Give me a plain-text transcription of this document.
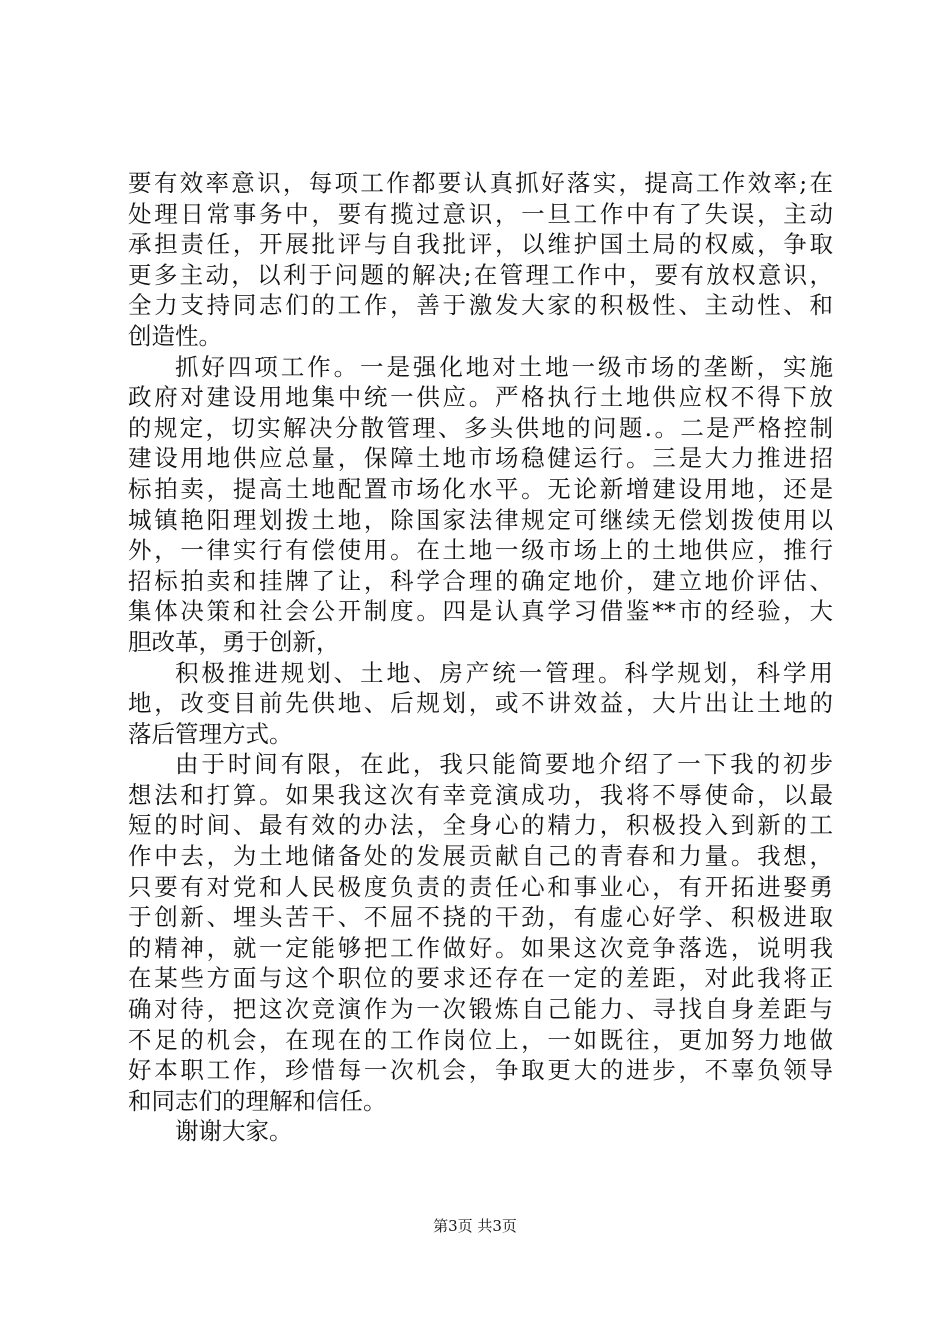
要有效率意识，每项工作都要认真抓好落实，提高工作效率;在
处理日常事务中，要有揽过意识，一旦工作中有了失误，主动
承担责任，开展批评与自我批评，以维护国土局的权威，争取
更多主动，以利于问题的解决;在管理工作中，要有放权意识，
全力支持同志们的工作，善于激发大家的积极性、主动性、和
创造性。
抓好四项工作。一是强化地对土地一级市场的垄断，实施
政府对建设用地集中统一供应。严格执行土地供应权不得下放
的规定，切实解决分散管理、多头供地的问题.。二是严格控制
建设用地供应总量，保障土地市场稳健运行。三是大力推进招
标拍卖，提高土地配置市场化水平。无论新增建设用地，还是
城镇艳阳理划拨土地，除国家法律规定可继续无偿划拨使用以
外，一律实行有偿使用。在土地一级市场上的土地供应，推行
招标拍卖和挂牌了让，科学合理的确定地价，建立地价评估、
集体决策和社会公开制度。四是认真学习借鉴**市的经验，大
胆改革，勇于创新，
积极推进规划、土地、房产统一管理。科学规划，科学用
地，改变目前先供地、后规划，或不讲效益，大片出让土地的
落后管理方式。
由于时间有限，在此，我只能简要地介绍了一下我的初步
想法和打算。如果我这次有幸竞演成功，我将不辱使命，以最
短的时间、最有效的办法，全身心的精力，积极投入到新的工
作中去，为土地储备处的发展贡献自己的青春和力量。我想，
只要有对党和人民极度负责的责任心和事业心，有开拓进娶勇
于创新、埋头苦干、不屈不挠的干劲，有虚心好学、积极进取
的精神，就一定能够把工作做好。如果这次竞争落选，说明我
在某些方面与这个职位的要求还存在一定的差距，对此我将正
确对待，把这次竞演作为一次锻炼自己能力、寻找自身差距与
不足的机会，在现在的工作岗位上，一如既往，更加努力地做
好本职工作，珍惜每一次机会，争取更大的进步，不辜负领导
和同志们的理解和信任。
谢谢大家。
第3页 共3页
